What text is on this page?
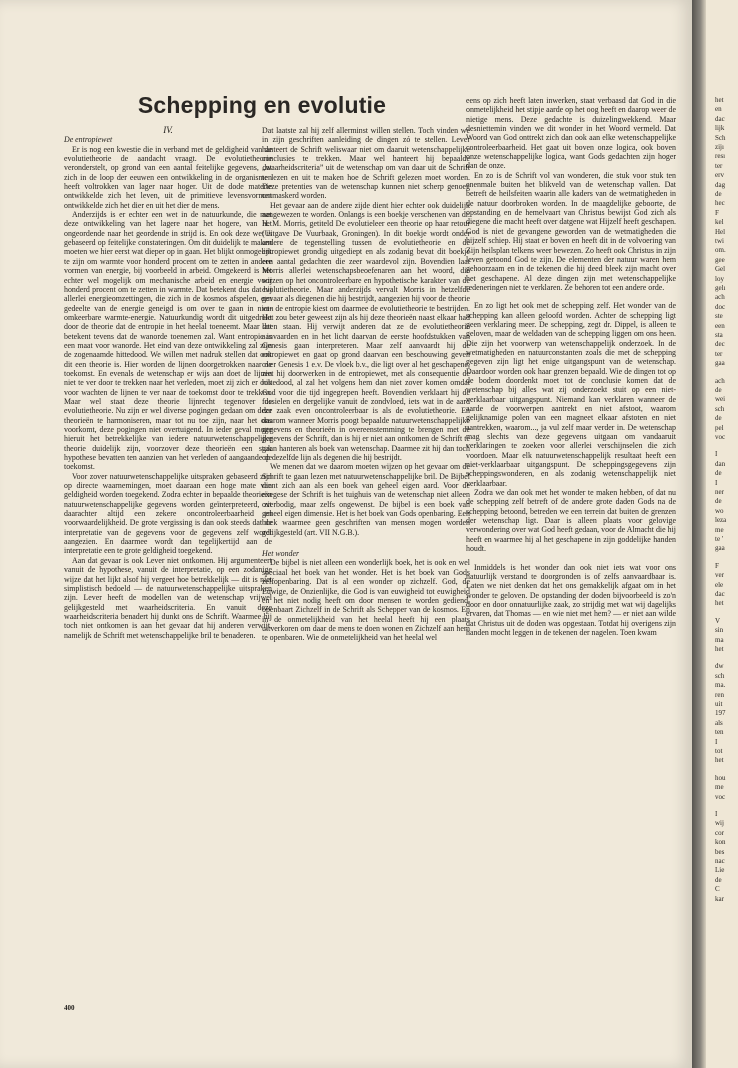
Schepping en evolutie

IV.

De entropiewet

Er is nog een kwestie die in verband met de geldigheid van de evolutietheorie de aandacht vraagt. De evolutietheorie veronderstelt, op grond van een aantal feitelijke gegevens, dat zich in de loop der eeuwen een ontwikkeling in de organismen heeft voltrokken van lager naar hoger. Uit de dode materie ontwikkelde zich het leven, uit de primitieve levensvormen ontwikkelde zich het dier en uit het dier de mens.

Anderzijds is er echter een wet in de natuurkunde, die met deze ontwikkeling van het lagere naar het hogere, van het ongeordende naar het geordende in strijd is. En ook deze wet is gebaseerd op feitelijke constateringen. Om dit duidelijk te maken moeten we hier eerst wat dieper op in gaan. Het blijkt onmogelijk te zijn om warmte voor honderd procent om te zetten in andere vormen van energie, bij voorbeeld in arbeid. Omgekeerd is het echter wel mogelijk om mechanische arbeid en energie voor honderd procent om te zetten in warmte. Dat betekent dus dat bij allerlei energieomzettingen, die zich in de kosmos afspelen, een gedeelte van de energie geneigd is om over te gaan in niet-omkeerbare warmte-energie. Natuurkundig wordt dit uitgedrukt door de theorie dat de entropie in het heelal toeneemt. Maar dat betekent tevens dat de wanorde toenemen zal. Want entropie is een maat voor wanorde. Het eind van deze ontwikkeling zal zijn de zogenaamde hittedood. We willen met nadruk stellen dat ook dit een theorie is. Hier worden de lijnen doorgetrokken naar de toekomst. En evenals de wetenschap er wijs aan doet de lijnen niet te ver door te trekken naar het verleden, moet zij zich er ook voor wachten de lijnen te ver naar de toekomst door te trekken. Maar wel staat deze theorie lijnrecht tegenover de evolutietheorie. Nu zijn er wel diverse pogingen gedaan om deze theorieën te harmoniseren, maar tot nu toe zijn, naar het ons voorkomt, deze pogingen niet overtuigend. In ieder geval moge hieruit het betrekkelijke van iedere natuurwetenschappelijke theorie duidelijk zijn, voorzover deze theorieën een stuk hypothese bevatten ten aanzien van het verleden of aangaande de toekomst.

Voor zover natuurwetenschappelijke uitspraken gebaseerd zijn op directe waarnemingen, moet daaraan een hoge mate van geldigheid worden toegekend. Zodra echter in bepaalde theorieën natuurwetenschappelijke gegevens worden geïnterpreteerd, zit daarachter altijd een zekere oncontroleerbaarheid en voorwaardelijkheid. De grote vergissing is dan ook steeds dat de interpretatie van de gegevens voor de gegevens zelf wordt aangezien. En daarmee wordt dan tegelijkertijd aan de interpretatie een te grote geldigheid toegekend.

Aan dat gevaar is ook Lever niet ontkomen. Hij argumenteert vanuit de hypothese, vanuit de interpretatie, op een zodanige wijze dat het lijkt alsof hij vergeet hoe betrekkelijk — dit is niet simplistisch bedoeld — de natuurwetenschappelijke uitspraken zijn. Lever heeft de modellen van de wetenschap vrijwel gelijkgesteld met waarheidscriteria. En vanuit deze waarheidscriteria benadert hij dunkt ons de Schrift. Waarmee hij toch niet ontkomen is aan het gevaar dat hij anderen verwijt, namelijk de Schrift met wetenschappelijke bril te benaderen.

Dat laatste zal hij zelf allerminst willen stellen. Toch vinden we in zijn geschriften aanleiding de dingen zó te stellen. Lever hanteert de Schrift weliswaar niet om daaruit wetenschappelijke conclusies te trekken. Maar wel hanteert hij bepaalde „waarheidscriteria” uit de wetenschap om van daar uit de Schrift te lezen en uit te maken hoe de Schrift gelezen moet worden. Deze pretenties van de wetenschap kunnen niet scherp genoeg ontmaskerd worden.

Het gevaar aan de andere zijde dient hier echter ook duidelijk aangewezen te worden. Onlangs is een boekje verschenen van dr. H. M. Morris, getiteld De evolutieleer een theorie op haar retour (Uitgave De Vuurbaak, Groningen). In dit boekje wordt onder andere de tegenstelling tussen de evolutietheorie en de entropiewet grondig uitgediept en als zodanig bevat dit boekje een aantal gedachten die zeer waardevol zijn. Bovendien laat Morris allerlei wetenschapsbeoefenaren aan het woord, die wijzen op het oncontroleerbare en hypothetische karakter van de evolutietheorie. Maar anderzijds vervalt Morris in hetzelfde gevaar als diegenen die hij bestrijdt, aangezien hij voor de theorie van de entropie kiest om daarmee de evolutietheorie te bestrijden. Het zou beter geweest zijn als hij deze theorieën naast elkaar had laten staan. Hij verwijt anderen dat ze de evolutietheorie aanvaarden en in het licht daarvan de eerste hoofdstukken van Genesis gaan interpreteren. Maar zelf aanvaardt hij de entropiewet en gaat op grond daarvan een beschouwing geven over Genesis 1 e.v. De vloek b.v., die ligt over al het geschapene, ziet hij doorwerken in de entropiewet, met als consequentie de hittedood, al zal het volgens hem dan niet zover komen omdat God voor die tijd ingegrepen heeft. Bovendien verklaart hij de fossielen en dergelijke vanuit de zondvloed, iets wat in de aard der zaak even oncontroleerbaar is als de evolutietheorie. En daarom wanneer Morris poogt bepaalde natuurwetenschappelijke gegevens en theorieën in overeenstemming te brengen met de gegevens der Schrift, dan is hij er niet aan ontkomen de Schrift te gaan hanteren als boek van wetenschap. Daarmee zit hij dan toch op dezelfde lijn als degenen die hij bestrijdt.

We menen dat we daarom moeten wijzen op het gevaar om de Schrift te gaan lezen met natuurwetenschappelijke bril. De Bijbel dient zich aan als een boek van geheel eigen aard. Voor de exegese der Schrift is het tuighuis van de wetenschap niet alleen overbodig, maar zelfs ongewenst. De bijbel is een boek van geheel eigen dimensie. Het is het boek van Gods openbaring. Een boek waarmee geen geschriften van mensen mogen worden gelijkgesteld (art. VII N.G.B.).

Het wonder

De bijbel is niet alleen een wonderlijk boek, het is ook en wel speciaal het boek van het wonder. Het is het boek van Gods zelfopenbaring. Dat is al een wonder op zichzelf. God, de Euwige, de Onzienlijke, die God is van euwigheid tot euwigheid en het niet nodig heeft om door mensen te worden gediend, openbaart Zichzelf in de Schrift als Schepper van de kosmos. En in de onmetelijkheid van het heelal heeft hij een plaats uitverkoren om daar de mens te doen wonen en Zichzelf aan hem te openbaren. Wie de onmetelijkheid van het heelal wel

eens op zich heeft laten inwerken, staat verbaasd dat God in die onmetelijkheid het stipje aarde op het oog heeft en daarop weer de nietige mens. Deze gedachte is duizelingwekkend. Maar desniettemin vinden we dit wonder in het Woord vermeld. Dat Woord van God onttrekt zich dan ook aan elke wetenschappelijke controleerbaarheid. Het gaat uit boven onze logica, ook boven onze wetenschappelijke logica, want Gods gedachten zijn hoger dan de onze.

En zo is de Schrift vol van wonderen, die stuk voor stuk ten enenmale buiten het blikveld van de wetenschap vallen. Dat betreft de heilsfeiten waarin alle kaders van de wetmatigheden in de natuur doorbroken worden. In de maagdelijke geboorte, de opstanding en de hemelvaart van Christus bewijst God zich als diegene die macht heeft over datgene wat Hijzelf heeft geschapen. God is niet de gevangene geworden van de wetmatigheden die hijzelf schiep. Hij staat er boven en heeft dit in de volvoering van Zijn heilsplan telkens weer bewezen. Zo heeft ook Christus in zijn leven getoond God te zijn. De elementen der natuur waren hem gehoorzaam en in de tekenen die hij deed bleek zijn macht over het geschapene. Al deze dingen zijn met wetenschappelijke redeneringen niet te verklaren. Ze behoren tot een andere orde.

En zo ligt het ook met de schepping zelf. Het wonder van de schepping kan alleen geloofd worden. Achter de schepping ligt geen verklaring meer. De schepping, zegt dr. Dippel, is alleen te geloven, maar de weldaden van de schepping liggen om ons heen. Die zijn het voorwerp van wetenschappelijk onderzoek. In de wetmatigheden en natuurconstanten zoals die met de schepping gegeven zijn ligt het enige uitgangspunt van de wetenschap. Daardoor worden ook haar grenzen bepaald. Wie de dingen tot op de bodem doordenkt moet tot de conclusie komen dat de wetenschap bij alles wat zij onderzoekt stuit op een niet-verklaarbaar uitgangspunt. Niemand kan verklaren wanneer de aarde de voorwerpen aantrekt en niet afstoot, waarom gelijknamige polen van een magneet elkaar afstoten en niet aantrekken, waarom..., ja vul zelf maar verder in. De wetenschap mag slechts van deze gegevens uitgaan om vandaaruit verklaringen te zoeken voor allerlei verschijnselen die zich voordoen. Maar elk natuurwetenschappelijk resultaat heeft een niet-verklaarbaar uitgangspunt. De scheppingsgegevens zijn scheppingswonderen, en als zodanig wetenschappelijk niet verklaarbaar.

Zodra we dan ook met het wonder te maken hebben, of dat nu de schepping zelf betreft of de andere grote daden Gods na de schepping betoond, betreden we een terrein dat buiten de grenzen der wetenschap ligt. Daar is alleen plaats voor gelovige verwondering over wat God heeft gedaan, voor de Almacht die hij heeft en waarmee hij al het geschapene in zijn goddelijke handen houdt.

Inmiddels is het wonder dan ook niet iets wat voor ons natuurlijk verstand te doorgronden is of zelfs aanvaardbaar is. Laten we niet denken dat het ons gemakkelijk afgaat om in het wonder te geloven. De opstanding der doden bijvoorbeeld is zo'n door en door onnatuurlijke zaak, zo strijdig met wat wij dagelijks ervaren, dat Thomas — en wie niet met hem? — er niet aan wilde dat Christus uit de doden was opgestaan. Totdat hij overigens zijn handen mocht leggen in de tekenen der nagelen. Toen kwam

400
het
en
dac
lijk
Sch
zijı
resı
ter
erv
dag
de
hec
F
kel
Hel
twi
om.
gee
Gel
loy
gelı
ach
doc
ste
een
sta
dec
ter
gaa
ach
de
wei
sch
de
pel
voc
I
dan
de
I
ner
de
wo
leza
me
te '
gaa
F
ver
ele
dac
het
V
sin
ma
het
dw
sch
ma.
ren
uit
197
als
ten
I
tot
het
hou
me
voc
I
wij
cor
kon
bes
nac
Lie
de
C
kar
